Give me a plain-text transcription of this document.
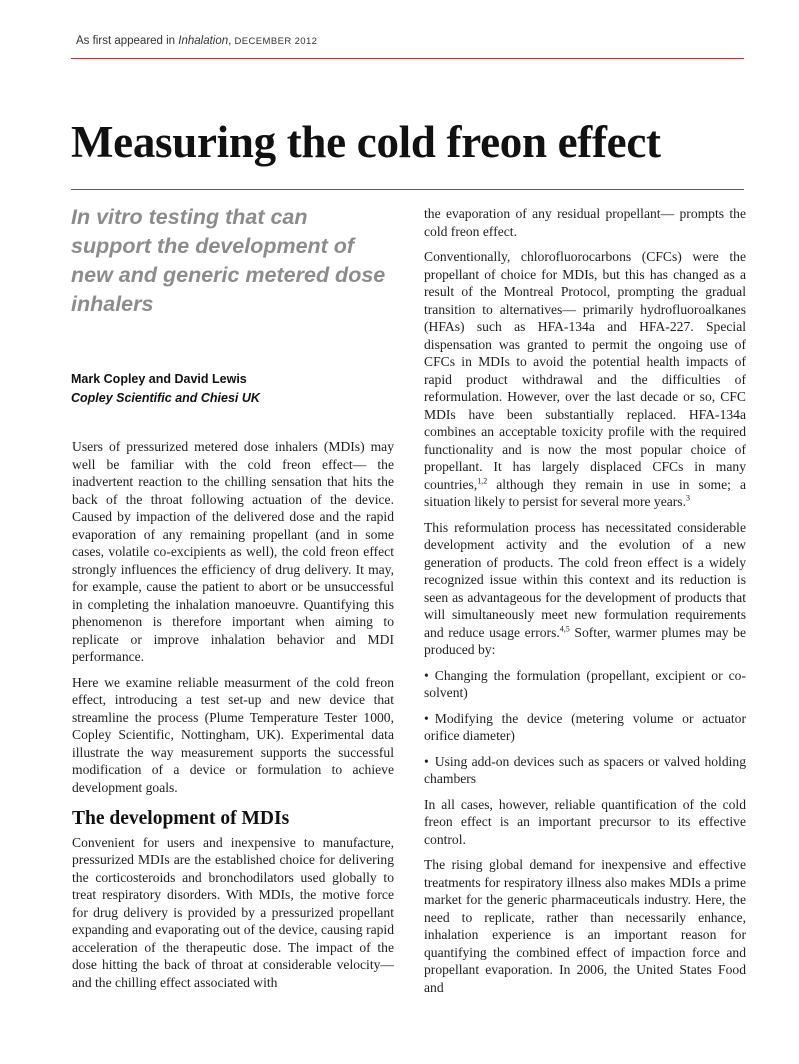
As first appeared in Inhalation, DECEMBER 2012
Measuring the cold freon effect

In vitro testing that can support the development of new and generic metered dose inhalers

Mark Copley and David Lewis
Copley Scientific and Chiesi UK

Users of pressurized metered dose inhalers (MDIs) may well be familiar with the cold freon effect— the inadvertent reaction to the chilling sensation that hits the back of the throat following actuation of the device. Caused by impaction of the delivered dose and the rapid evaporation of any remaining propellant (and in some cases, volatile co-excipients as well), the cold freon effect strongly influences the efficiency of drug delivery. It may, for example, cause the patient to abort or be unsuccessful in completing the inhalation manoeuvre. Quantifying this phenomenon is therefore important when aiming to replicate or improve inhalation behavior and MDI performance.

Here we examine reliable measurment of the cold freon effect, introducing a test set-up and new device that streamline the process (Plume Temperature Tester 1000, Copley Scientific, Nottingham, UK). Experimental data illustrate the way measurement supports the successful modification of a device or formulation to achieve development goals.

The development of MDIs

Convenient for users and inexpensive to manufacture, pressurized MDIs are the established choice for delivering the corticosteroids and bronchodilators used globally to treat respiratory disorders. With MDIs, the motive force for drug delivery is provided by a pressurized propellant expanding and evaporating out of the device, causing rapid acceleration of the therapeutic dose. The impact of the dose hitting the back of throat at considerable velocity—and the chilling effect associated with

the evaporation of any residual propellant— prompts the cold freon effect.

Conventionally, chlorofluorocarbons (CFCs) were the propellant of choice for MDIs, but this has changed as a result of the Montreal Protocol, prompting the gradual transition to alternatives— primarily hydrofluoroalkanes (HFAs) such as HFA-134a and HFA-227. Special dispensation was granted to permit the ongoing use of CFCs in MDIs to avoid the potential health impacts of rapid product withdrawal and the difficulties of reformulation. However, over the last decade or so, CFC MDIs have been substantially replaced. HFA-134a combines an acceptable toxicity profile with the required functionality and is now the most popular choice of propellant. It has largely displaced CFCs in many countries,$^{1,2}$ although they remain in use in some; a situation likely to persist for several more years.$^3$

This reformulation process has necessitated considerable development activity and the evolution of a new generation of products. The cold freon effect is a widely recognized issue within this context and its reduction is seen as advantageous for the development of products that will simultaneously meet new formulation requirements and reduce usage errors.$^{4,5}$ Softer, warmer plumes may be produced by:

• Changing the formulation (propellant, excipient or co-solvent)
• Modifying the device (metering volume or actuator orifice diameter)
• Using add-on devices such as spacers or valved holding chambers

In all cases, however, reliable quantification of the cold freon effect is an important precursor to its effective control.

The rising global demand for inexpensive and effective treatments for respiratory illness also makes MDIs a prime market for the generic pharmaceuticals industry. Here, the need to replicate, rather than necessarily enhance, inhalation experience is an important reason for quantifying the combined effect of impaction force and propellant evaporation. In 2006, the United States Food and
